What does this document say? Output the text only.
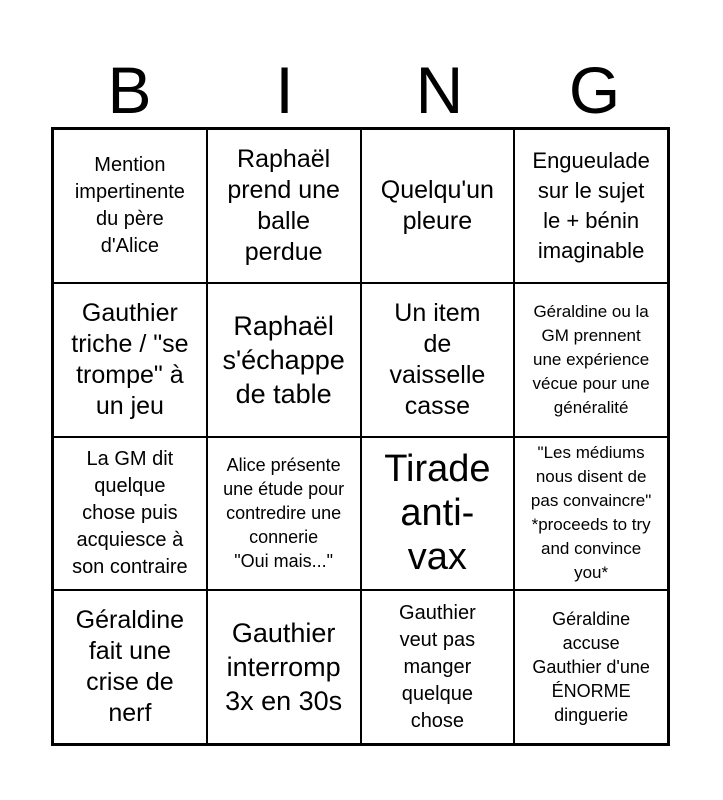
B	I	N	G
Mention
impertinente
du père
d'Alice
Raphaël
prend une
balle
perdue
Quelqu'un
pleure
Engueulade
sur le sujet
le + bénin
imaginable
Gauthier
triche / "se
trompe" à
un jeu
Raphaël
s'échappe
de table
Un item
de
vaisselle
casse
Géraldine ou la
GM prennent
une expérience
vécue pour une
généralité
La GM dit
quelque
chose puis
acquiesce à
son contraire
Alice présente
une étude pour
contredire une
connerie
"Oui mais..."
Tirade
anti-
vax
"Les médiums
nous disent de
pas convaincre"
*proceeds to try
and convince
you*
Géraldine
fait une
crise de
nerf
Gauthier
interromp
3x en 30s
Gauthier
veut pas
manger
quelque
chose
Géraldine
accuse
Gauthier d'une
ÉNORME
dinguerie
